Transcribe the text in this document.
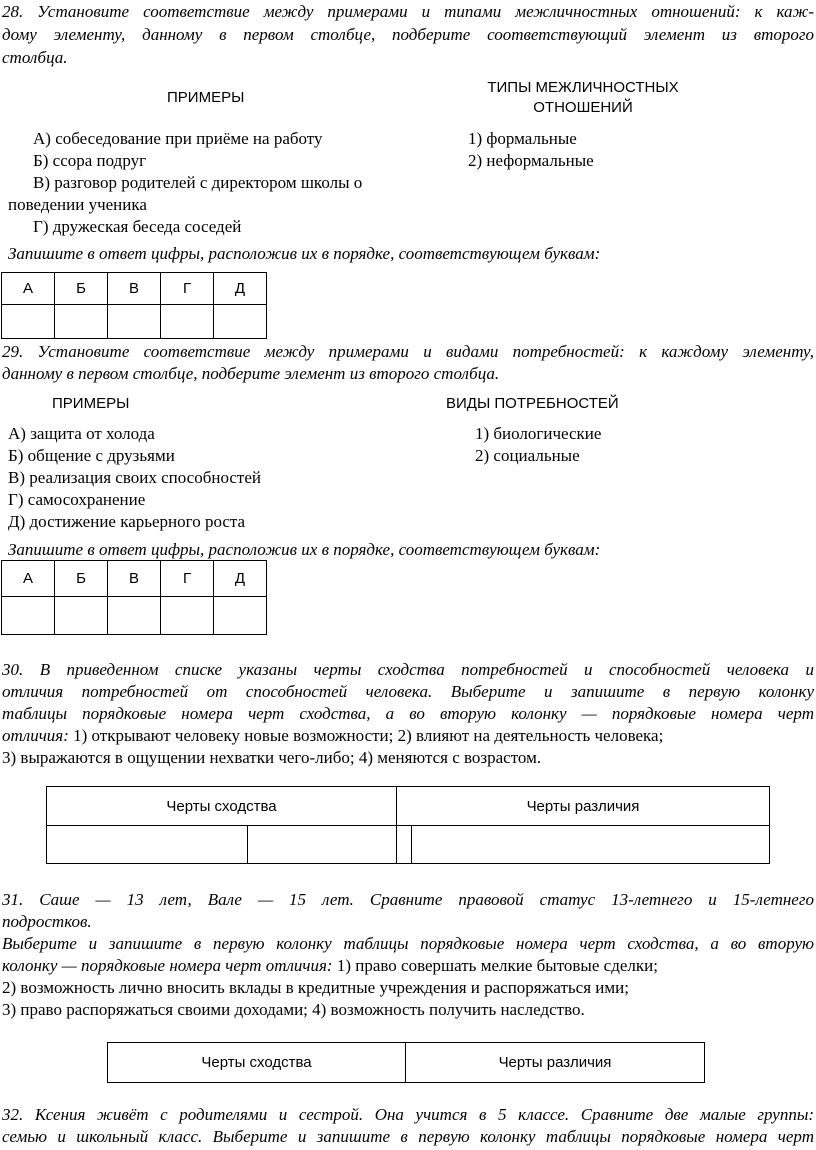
28. Установите соответствие между примерами и типами межличностных отношений: к каж-
дому элементу, данному в первом столбце, подберите соответствующий элемент из второго
столбца.
ПРИМЕРЫ
ТИПЫ МЕЖЛИЧНОСТНЫХ
ОТНОШЕНИЙ
А) собеседование при приёме на работу
Б) ссора подруг
В) разговор родителей с директором школы о
поведении ученика
Г) дружеская беседа соседей
1) формальные
2) неформальные
Запишите в ответ цифры, расположив их в порядке, соответствующем буквам:
А	Б	В	Г	Д

29. Установите соответствие между примерами и видами потребностей: к каждому элементу,
данному в первом столбце, подберите элемент из второго столбца.
ПРИМЕРЫ	ВИДЫ ПОТРЕБНОСТЕЙ
А) защита от холода
Б) общение с друзьями
В) реализация своих способностей
Г) самосохранение
Д) достижение карьерного роста
1) биологические
2) социальные
Запишите в ответ цифры, расположив их в порядке, соответствующем буквам:
А	Б	В	Г	Д

30. В приведенном списке указаны черты сходства потребностей и способностей человека и
отличия потребностей от способностей человека. Выберите и запишите в первую колонку
таблицы порядковые номера черт сходства, а во вторую колонку — порядковые номера черт
отличия: 1) открывают человеку новые возможности; 2) влияют на деятельность человека;
3) выражаются в ощущении нехватки чего-либо; 4) меняются с возрастом.
Черты сходства		Черты различия	

31. Саше — 13 лет, Вале — 15 лет. Сравните правовой статус 13-летнего и 15-летнего
подростков.
Выберите и запишите в первую колонку таблицы порядковые номера черт сходства, а во вторую
колонку — порядковые номера черт отличия: 1) право совершать мелкие бытовые сделки;
2) возможность лично вносить вклады в кредитные учреждения и распоряжаться ими;
3) право распоряжаться своими доходами; 4) возможность получить наследство.
Черты сходства	Черты различия
32. Ксения живёт с родителями и сестрой. Она учится в 5 классе. Сравните две малые группы:
семью и школьный класс. Выберите и запишите в первую колонку таблицы порядковые номера черт
